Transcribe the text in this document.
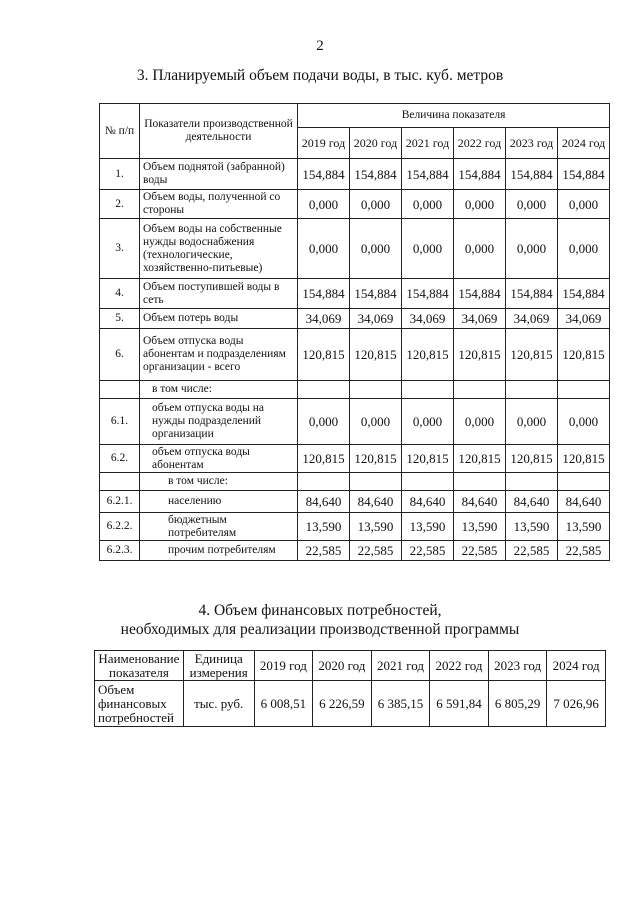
2
3. Планируемый объем подачи воды, в тыс. куб. метров
№ п/п	Показатели производственной деятельности	Величина показателя					
		2019 год	2020 год	2021 год	2022 год	2023 год	2024 год
1.	Объем поднятой (забранной) воды	154,884	154,884	154,884	154,884	154,884	154,884
2.	Объем воды, полученной со стороны	0,000	0,000	0,000	0,000	0,000	0,000
3.	Объем воды на собственные нужды водоснабжения (технологические, хозяйственно-питьевые)	0,000	0,000	0,000	0,000	0,000	0,000
4.	Объем поступившей воды в сеть	154,884	154,884	154,884	154,884	154,884	154,884
5.	Объем потерь воды	34,069	34,069	34,069	34,069	34,069	34,069
6.	Объем отпуска воды абонентам и подразделениям организации - всего	120,815	120,815	120,815	120,815	120,815	120,815
	в том числе:						
6.1.	объем отпуска воды на нужды подразделений организации	0,000	0,000	0,000	0,000	0,000	0,000
6.2.	объем отпуска воды абонентам	120,815	120,815	120,815	120,815	120,815	120,815
	в том числе:						
6.2.1.	населению	84,640	84,640	84,640	84,640	84,640	84,640
6.2.2.	бюджетным потребителям	13,590	13,590	13,590	13,590	13,590	13,590
6.2.3.	прочим потребителям	22,585	22,585	22,585	22,585	22,585	22,585
4. Объем финансовых потребностей,
необходимых для реализации производственной программы
Наименование показателя	Единица измерения	2019 год	2020 год	2021 год	2022 год	2023 год	2024 год
Объем финансовых потребностей	тыс. руб.	6 008,51	6 226,59	6 385,15	6 591,84	6 805,29	7 026,96
